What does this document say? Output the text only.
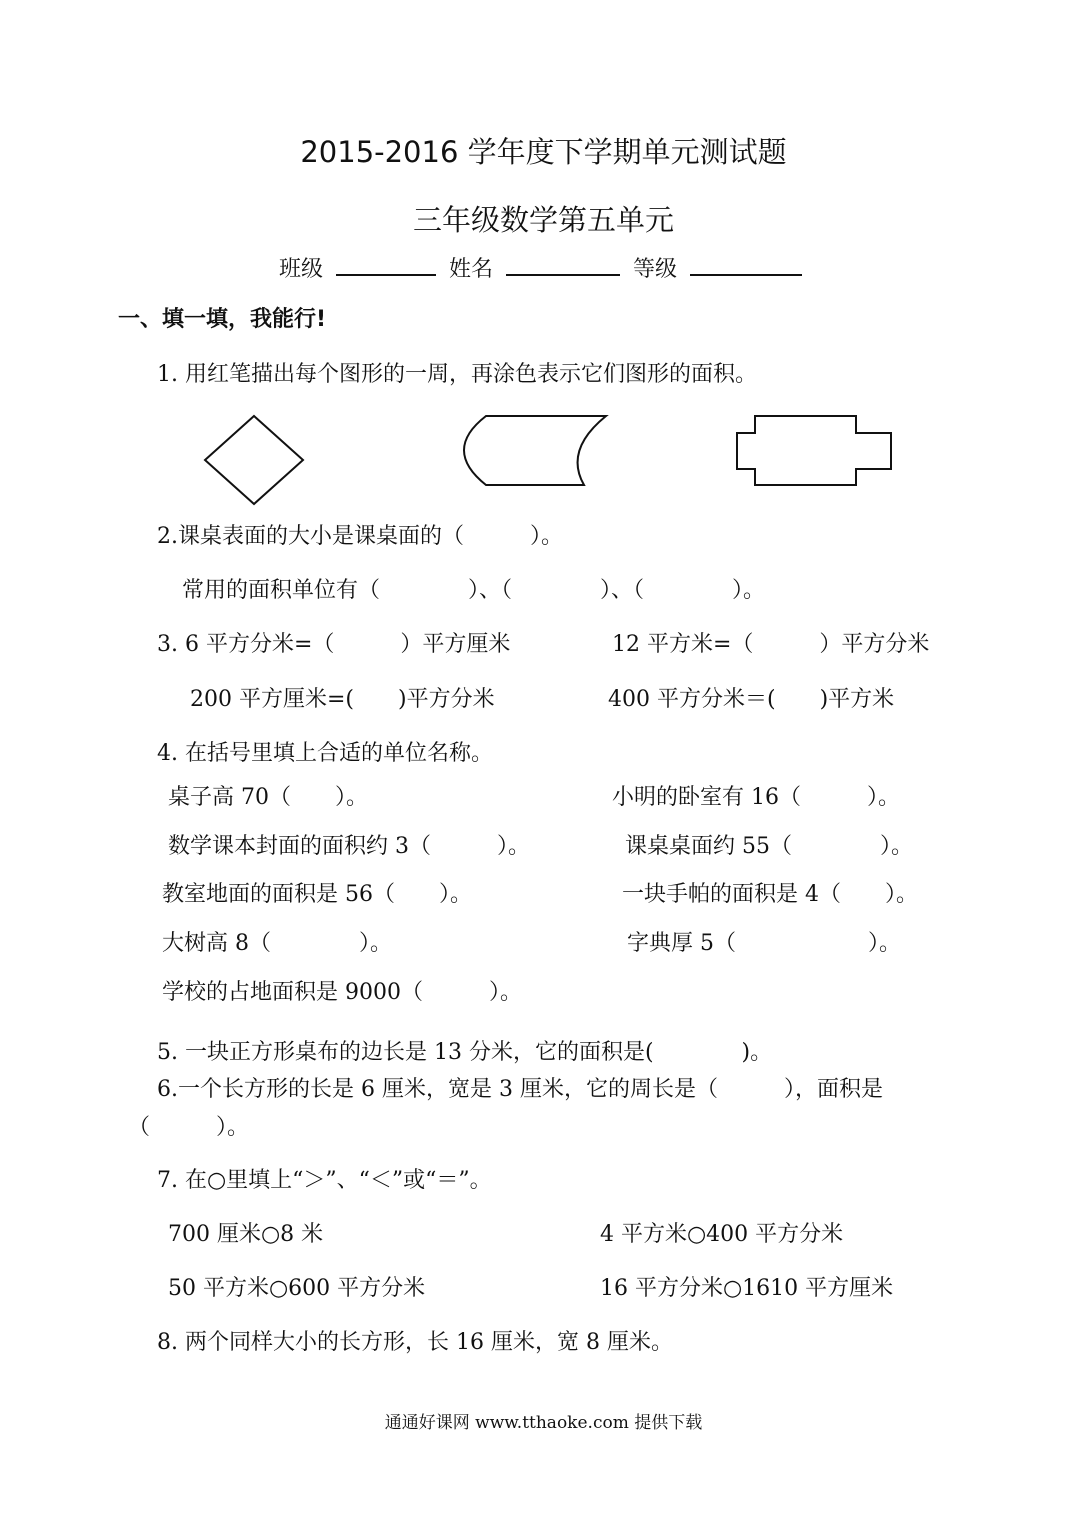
2015-2016 学年度下学期单元测试题
三年级数学第五单元
班级	姓名	等级
一、填一填，我能行!
1. 用红笔描出每个图形的一周，再涂色表示它们图形的面积。
2.课桌表面的大小是课桌面的（　　　）。
常用的面积单位有（　　　　）、（　　　　）、（　　　　）。
3. 6 平方分米=（　　　）平方厘米	12 平方米=（　　　）平方分米
200 平方厘米=(　　)平方分米	400 平方分米＝(　　)平方米
4. 在括号里填上合适的单位名称。
桌子高 70（　　）。	小明的卧室有 16（　　　）。
数学课本封面的面积约 3（　　　）。	课桌桌面约 55（　　　　）。
教室地面的面积是 56（　　）。	一块手帕的面积是 4（　　）。
大树高 8（　　　　）。	字典厚 5（　　　　　　）。
学校的占地面积是 9000（　　　）。
5. 一块正方形桌布的边长是 13 分米，它的面积是(　　　　)。
6.一个长方形的长是 6 厘米，宽是 3 厘米，它的周长是（　　　），面积是
（　　　）。
7. 在○里填上“＞”、“＜”或“＝”。
700 厘米○8 米	4 平方米○400 平方分米
50 平方米○600 平方分米	16 平方分米○1610 平方厘米
8. 两个同样大小的长方形，长 16 厘米，宽 8 厘米。
通通好课网 www.tthaoke.com 提供下载
